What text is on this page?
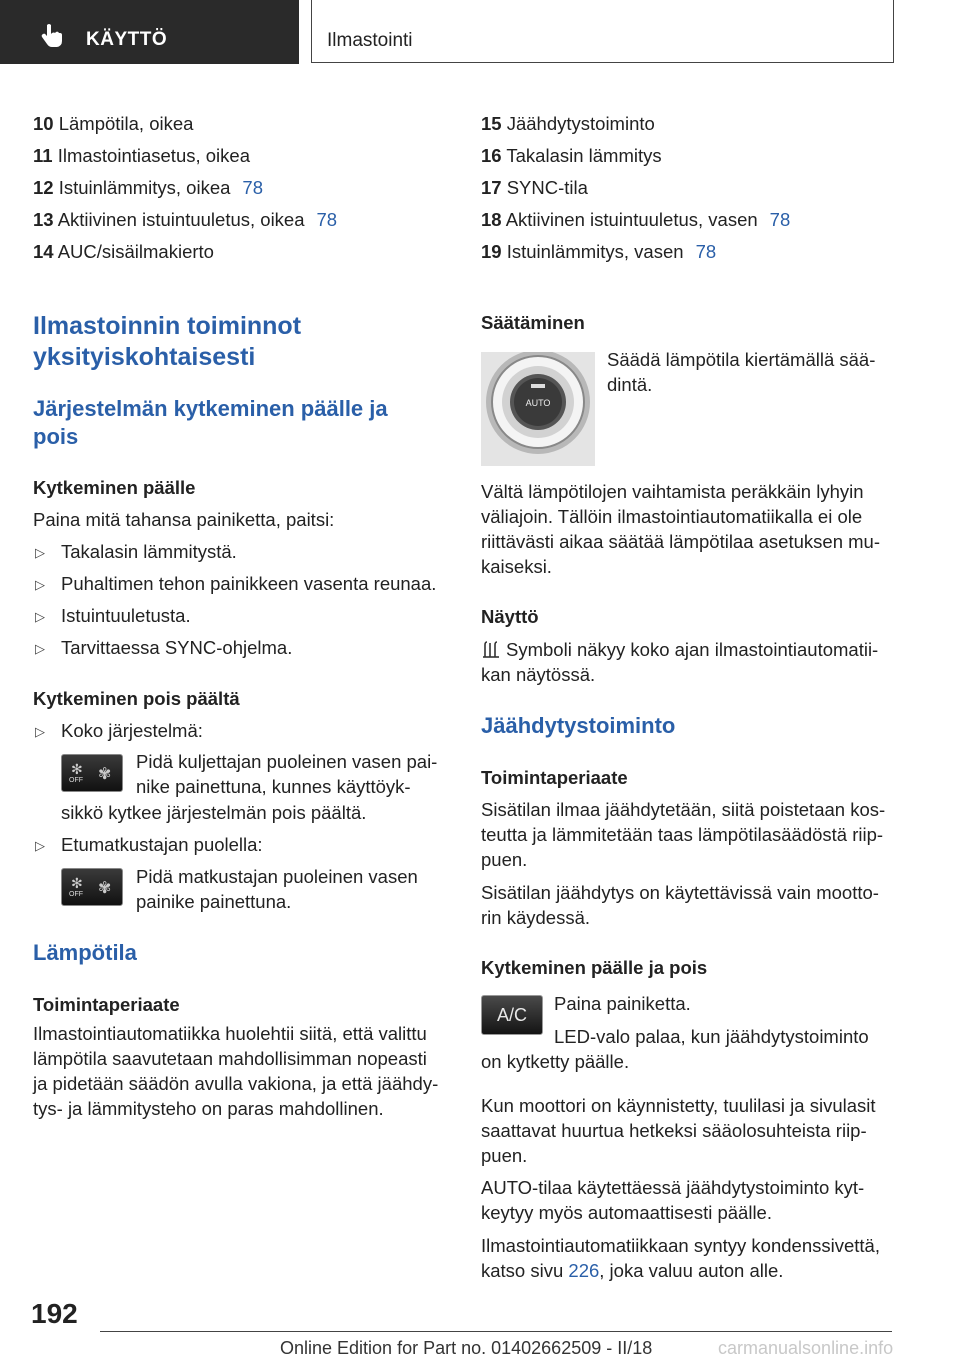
KÄYTTÖ	Ilmastointi
10 Lämpötila, oikea
11 Ilmastointiasetus, oikea
12 Istuinlämmitys, oikea 78
13 Aktiivinen istuintuuletus, oikea 78
14 AUC/sisäilmakierto
Ilmastoinnin toiminnot
yksityiskohtaisesti
Järjestelmän kytkeminen päälle ja
pois
Kytkeminen päälle
Paina mitä tahansa painiketta, paitsi:
▷ Takalasin lämmitystä.
▷ Puhaltimen tehon painikkeen vasenta reunaa.
▷ Istuintuuletusta.
▷ Tarvittaessa SYNC-ohjelma.
Kytkeminen pois päältä
▷ Koko järjestelmä:
✻
OFF ✾
Pidä kuljettajan puoleinen vasen pai-
nike painettuna, kunnes käyttöyk-
sikkö kytkee järjestelmän pois päältä.
▷ Etumatkustajan puolella:
✻
OFF ✾
Pidä matkustajan puoleinen vasen
painike painettuna.
Lämpötila
Toimintaperiaate
Ilmastointiautomatiikka huolehtii siitä, että valittu
lämpötila saavutetaan mahdollisimman nopeasti
ja pidetään säädön avulla vakiona, ja että jäähdy-
tys- ja lämmitysteho on paras mahdollinen.
15 Jäähdytystoiminto
16 Takalasin lämmitys
17 SYNC-tila
18 Aktiivinen istuintuuletus, vasen 78
19 Istuinlämmitys, vasen 78
Säätäminen
AUTO
Säädä lämpötila kiertämällä sää-
dintä.
Vältä lämpötilojen vaihtamista peräkkäin lyhyin
väliajoin. Tällöin ilmastointiautomatiikalla ei ole
riittävästi aikaa säätää lämpötilaa asetuksen mu-
kaiseksi.
Näyttö
Symboli näkyy koko ajan ilmastointiautomatii-
kan näytössä.
Jäähdytystoiminto
Toimintaperiaate
Sisätilan ilmaa jäähdytetään, siitä poistetaan kos-
teutta ja lämmitetään taas lämpötilasäädöstä riip-
puen.
Sisätilan jäähdytys on käytettävissä vain mootto-
rin käydessä.
Kytkeminen päälle ja pois
A/C
Paina painiketta.
LED-valo palaa, kun jäähdytystoiminto
on kytketty päälle.
Kun moottori on käynnistetty, tuulilasi ja sivulasit
saattavat huurtua hetkeksi sääolosuhteista riip-
puen.
AUTO-tilaa käytettäessä jäähdytystoiminto kyt-
keytyy myös automaattisesti päälle.
Ilmastointiautomatiikkaan syntyy kondenssivettä,
katso sivu 226, joka valuu auton alle.
192
Online Edition for Part no. 01402662509 - II/18	carmanualsonline.info
